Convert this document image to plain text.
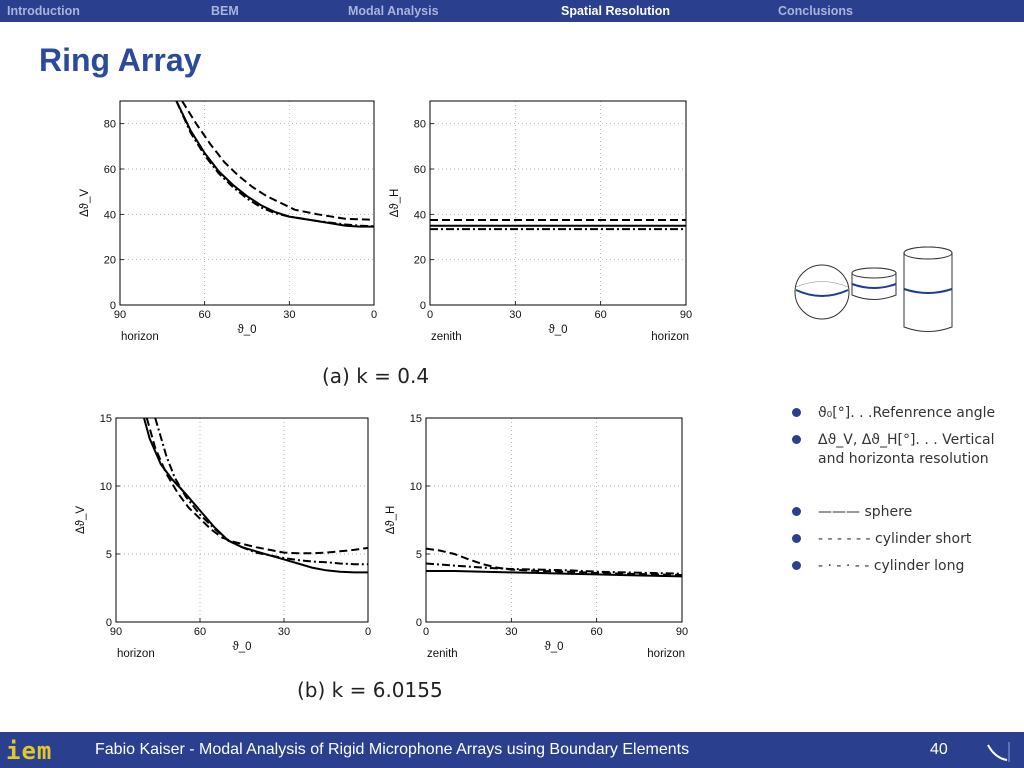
Introduction	BEM	Modal Analysis	Spatial Resolution	Conclusions
Ring Array
90	60	30	0
0
20
40
60
80
Δϑ_V
ϑ_0
horizon
0	30	60	90
0
20
40
60
80
Δϑ_H
ϑ_0
zenith	horizon
(a) k = 0.4
90	60	30	0
0
5
10
15
Δϑ_V
ϑ_0
horizon
0	30	60	90
0
5
10
15
Δϑ_H
ϑ_0
zenith	horizon
(b) k = 6.0155
ϑ₀[°]. . .Refenrence angle
Δϑ_V, Δϑ_H[°]. . . Vertical and horizonta resolution
——— sphere
- - - - - - cylinder short
- · - · - - cylinder long
iem	Fabio Kaiser - Modal Analysis of Rigid Microphone Arrays using Boundary Elements	40
